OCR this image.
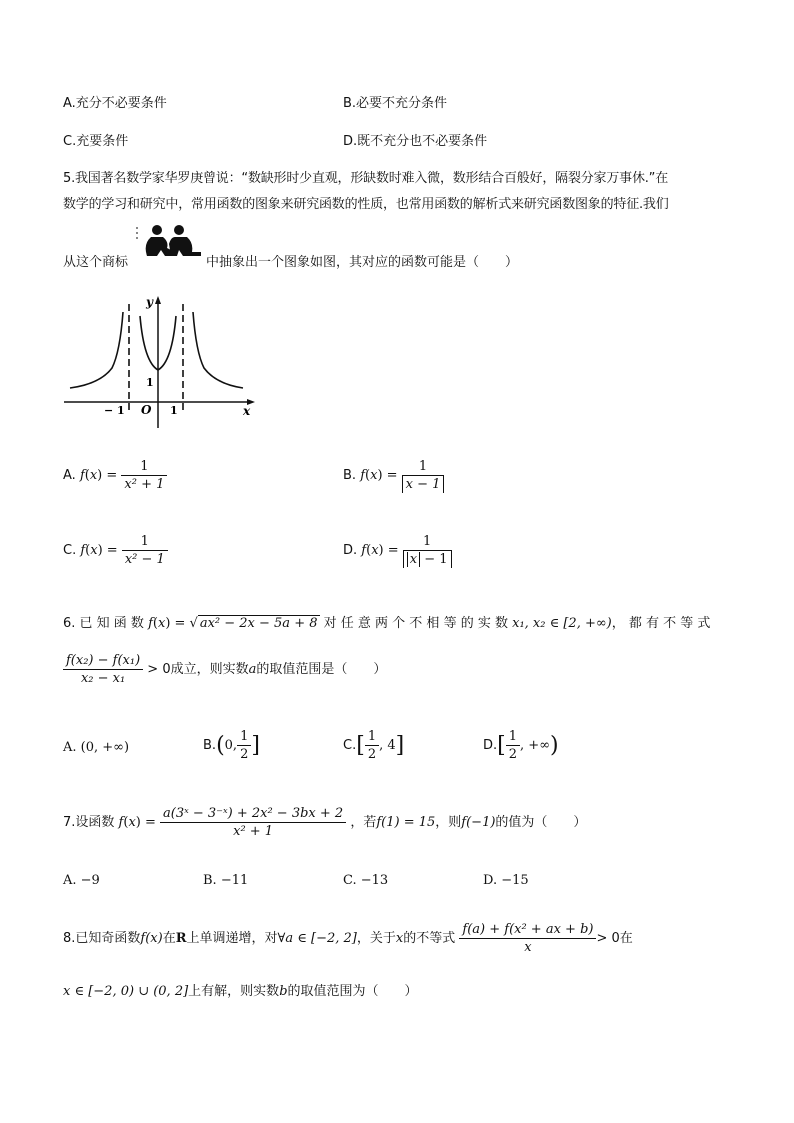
A.充分不必要条件	B.必要不充分条件
C.充要条件	D.既不充分也不必要条件
5.我国著名数学家华罗庚曾说：“数缺形时少直观，形缺数时难入微，数形结合百般好，隔裂分家万事休.”在
数学的学习和研究中，常用函数的图象来研究函数的性质，也常用函数的解析式来研究函数图象的特征.我们
从这个商标	中抽象出一个图象如图，其对应的函数可能是（　　）
y
x
O
− 1	1
1
A. $f(x) = \frac{1}{\text{x² + 1}}$	B. $f(x) = \frac{1}{x - 1}$
C. $f(x) = \frac{1}{\text{x² − 1}}$	D. $f(x) = \frac{1}{x - 1}$
6. 已 知 函 数 f(x) = √ ax² − 2x − 5a + 8 对 任 意 两 个 不 相 等 的 实 数 x₁, x₂ ∈ [2, +∞)， 都 有 不 等 式
$\frac{\text{f(x₂) − f(x₁)}}{\text{x₂ − x₁}} > 0$成立，则实数a的取值范围是（　　）
A. (0, +∞)	B.(0, $\frac{1}{2}$ ]	$C.[ \frac{1}{2}$ , 4]	$D.[ \frac{1}{2}$ , +∞)
7.设函数 $f(x) = \frac{\text{a(3ˣ − 3⁻ˣ) + 2x² − 3bx + 2}}{\text{x² + 1}}$ ，若f(1) = 15，则f(−1)的值为（　　）
A. −9	B. −11	C. −13	D. −15
8.已知奇函数f(x)在R上单调递增，对∀a ∈ [−2, 2]，关于x的不等式 $\frac{\text{f(a) + f(x² + ax + b)}}{x} > 0$在
x ∈ [−2, 0) ∪ (0, 2]上有解，则实数b的取值范围为（　　）
